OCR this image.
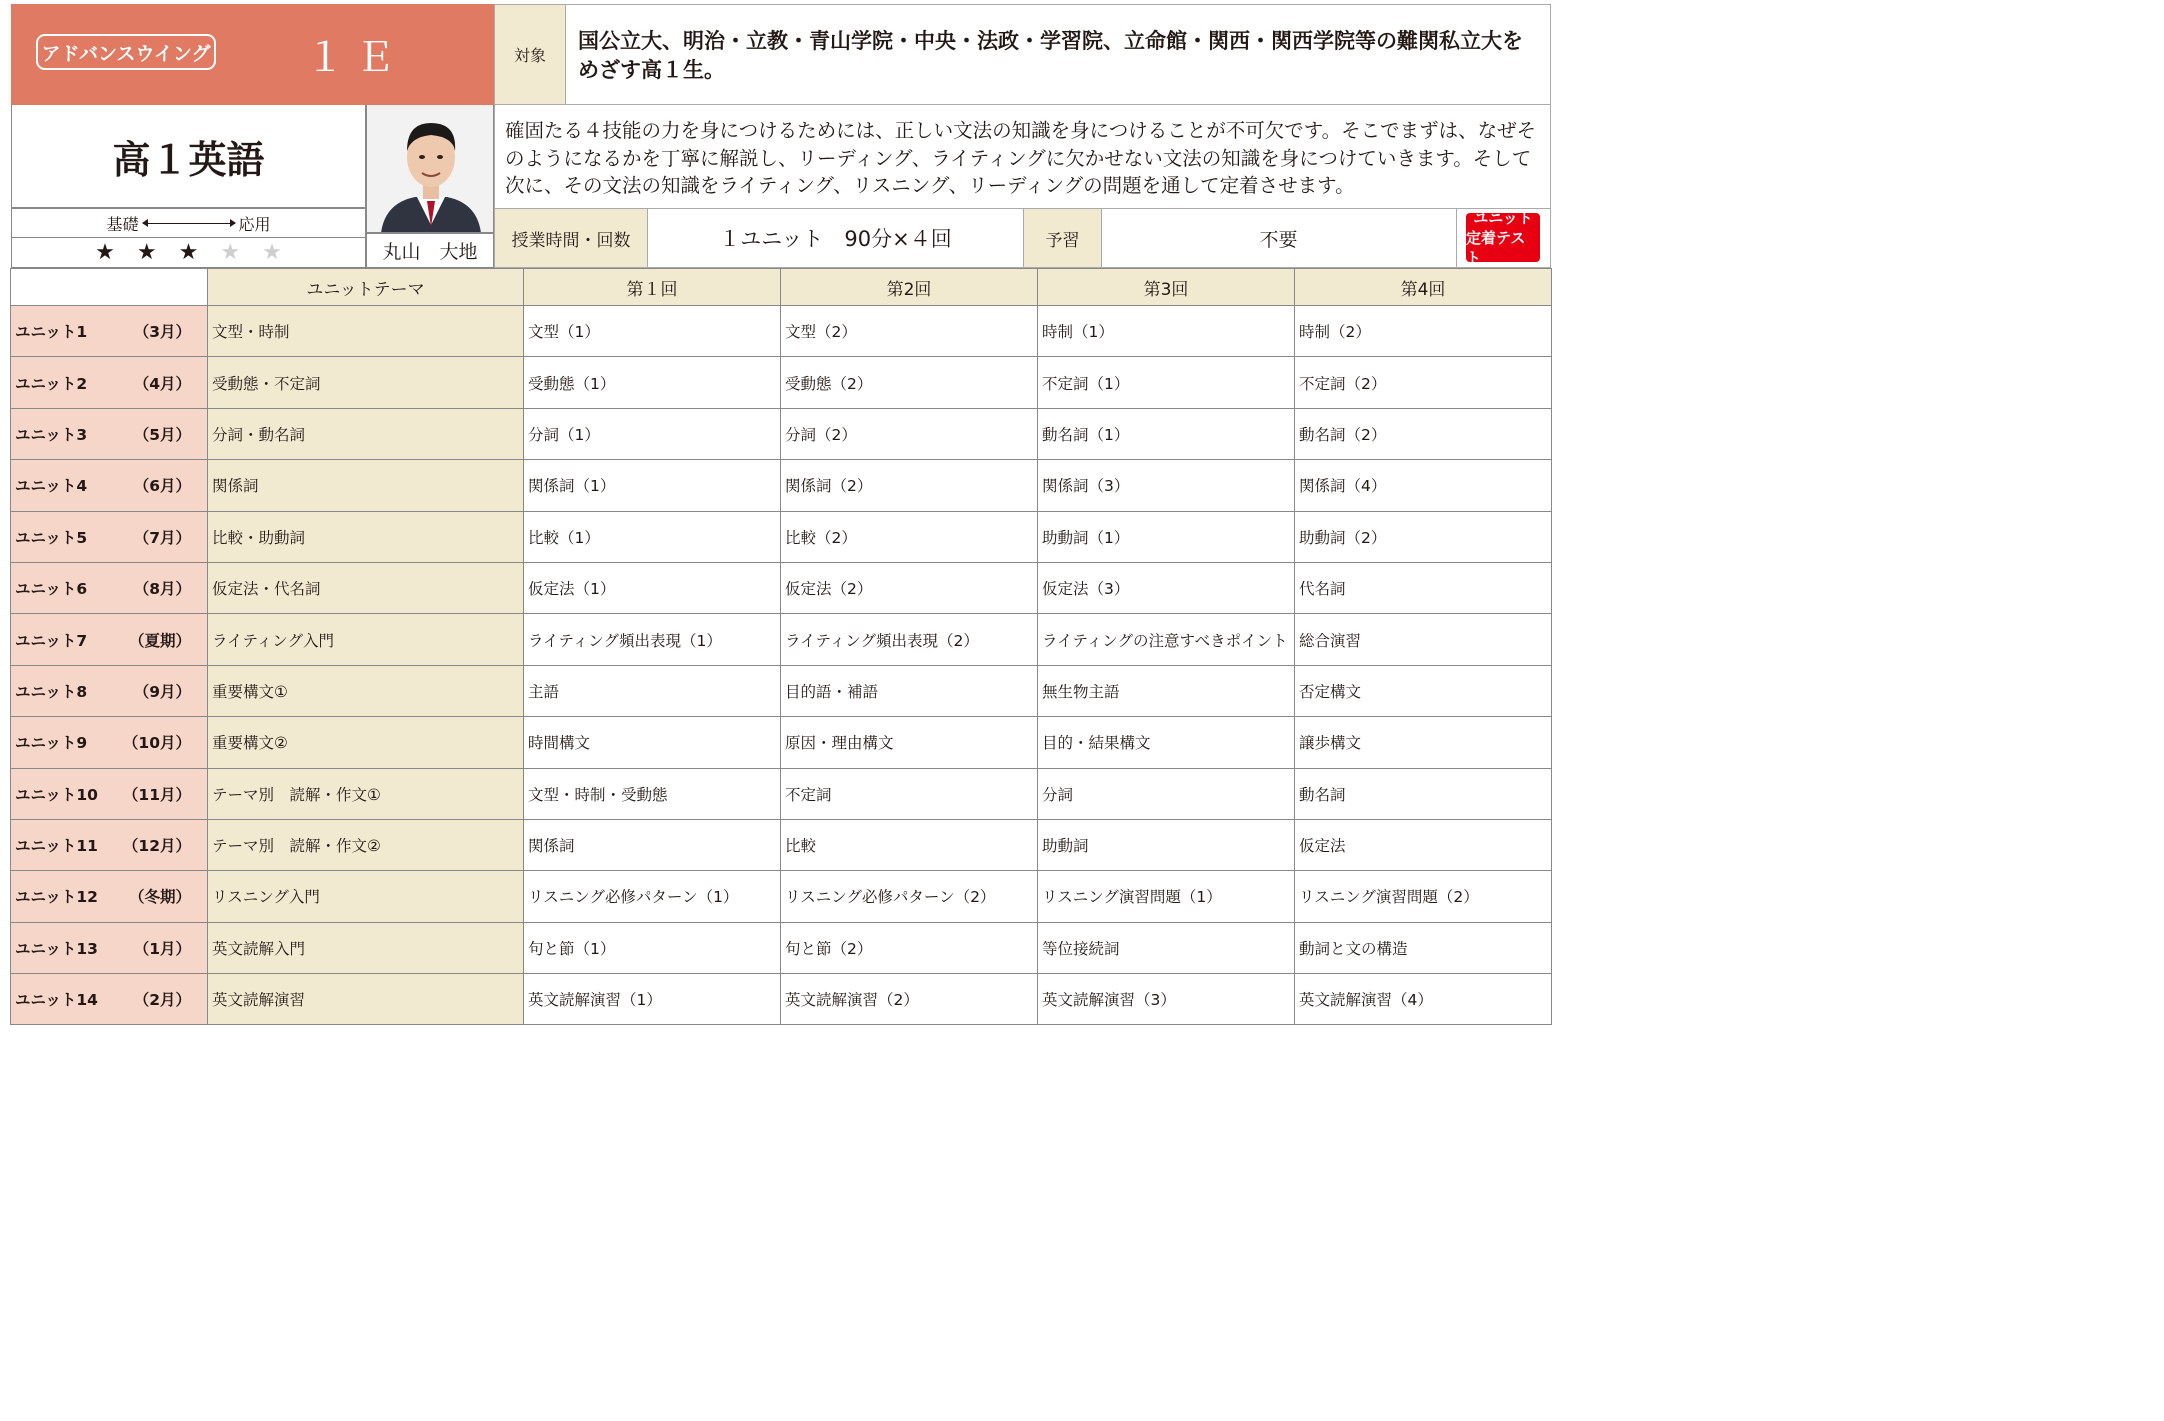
アドバンスウイング １Ｅ	対象
国公立大、明治・立教・青山学院・中央・法政・学習院、立命館・関西・関西学院等の難関私立大をめざす高１生。
高１英語
基礎	応用
★ ★ ★ ★ ★	丸山　大地
確固たる４技能の力を身につけるためには、正しい文法の知識を身につけることが不可欠です。そこでまずは、なぜそのようになるかを丁寧に解説し、リーディング、ライティングに欠かせない文法の知識を身につけていきます。そして次に、その文法の知識をライティング、リスニング、リーディングの問題を通して定着させます。
授業時間・回数	１ユニット　90分×４回	予習	不要
ユニット
定着テスト
	ユニットテーマ	第１回	第2回	第3回	第4回
ユニット1 （3月）	文型・時制	文型（1）	文型（2）	時制（1）	時制（2）
ユニット2 （4月）	受動態・不定詞	受動態（1）	受動態（2）	不定詞（1）	不定詞（2）
ユニット3 （5月）	分詞・動名詞	分詞（1）	分詞（2）	動名詞（1）	動名詞（2）
ユニット4 （6月）	関係詞	関係詞（1）	関係詞（2）	関係詞（3）	関係詞（4）
ユニット5 （7月）	比較・助動詞	比較（1）	比較（2）	助動詞（1）	助動詞（2）
ユニット6 （8月）	仮定法・代名詞	仮定法（1）	仮定法（2）	仮定法（3）	代名詞
ユニット7 （夏期）	ライティング入門	ライティング頻出表現（1）	ライティング頻出表現（2）	ライティングの注意すべきポイント	総合演習
ユニット8 （9月）	重要構文①	主語	目的語・補語	無生物主語	否定構文
ユニット9 （10月）	重要構文②	時間構文	原因・理由構文	目的・結果構文	譲歩構文
ユニット10 （11月）	テーマ別　読解・作文①	文型・時制・受動態	不定詞	分詞	動名詞
ユニット11 （12月）	テーマ別　読解・作文②	関係詞	比較	助動詞	仮定法
ユニット12 （冬期）	リスニング入門	リスニング必修パターン（1）	リスニング必修パターン（2）	リスニング演習問題（1）	リスニング演習問題（2）
ユニット13 （1月）	英文読解入門	句と節（1）	句と節（2）	等位接続詞	動詞と文の構造
ユニット14 （2月）	英文読解演習	英文読解演習（1）	英文読解演習（2）	英文読解演習（3）	英文読解演習（4）
